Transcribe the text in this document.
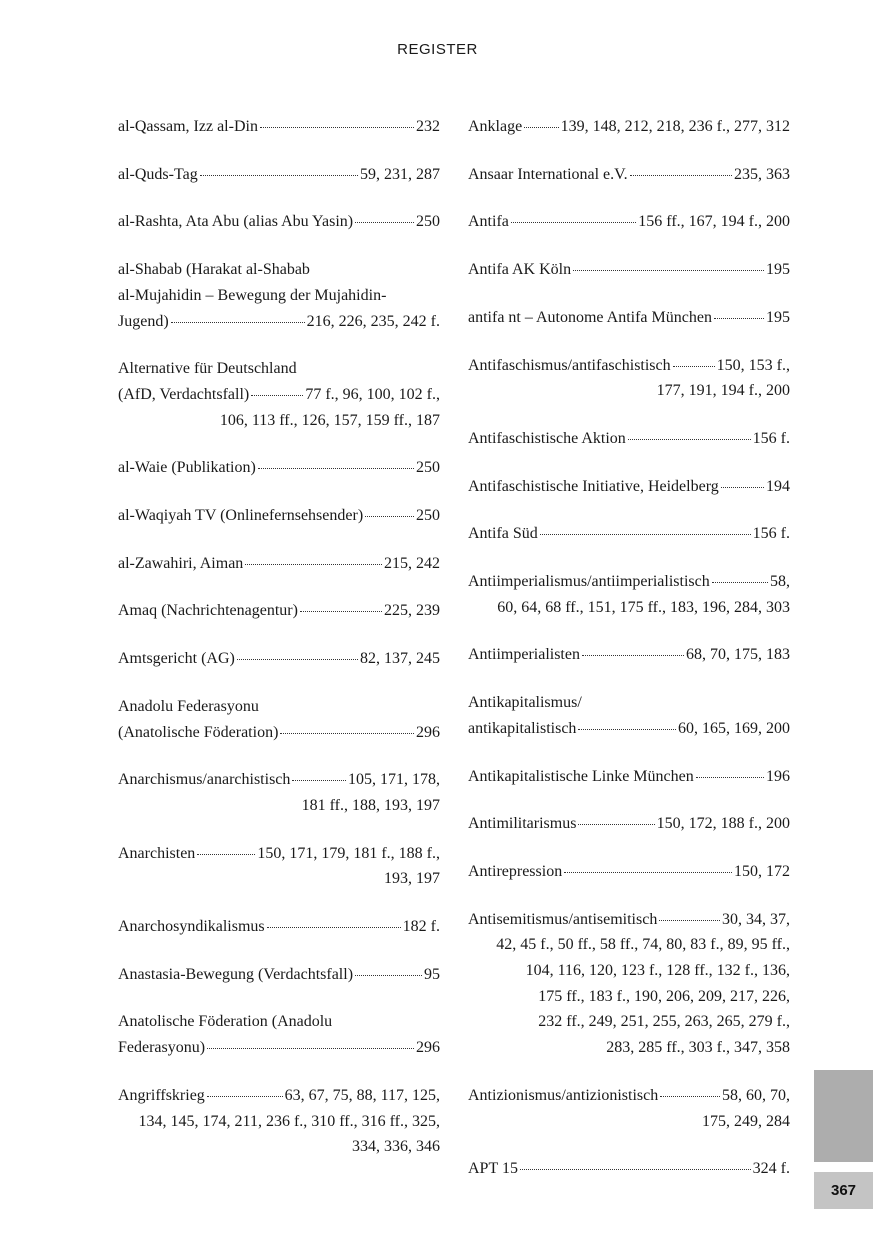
REGISTER
al-Qassam, Izz al-Din	232
al-Quds-Tag	59, 231, 287
al-Rashta, Ata Abu (alias Abu Yasin)	250
al-Shabab (Harakat al-Shabab
al-Mujahidin – Bewegung der Mujahidin-
Jugend)	216, 226, 235, 242 f.
Alternative für Deutschland
(AfD, Verdachtsfall)	77 f., 96, 100, 102 f.,
106, 113 ff., 126, 157, 159 ff., 187
al-Waie (Publikation)	250
al-Waqiyah TV (Onlinefernsehsender)	250
al-Zawahiri, Aiman	215, 242
Amaq (Nachrichtenagentur)	225, 239
Amtsgericht (AG)	82, 137, 245
Anadolu Federasyonu
(Anatolische Föderation)	296
Anarchismus/anarchistisch	105, 171, 178,
181 ff., 188, 193, 197
Anarchisten	150, 171, 179, 181 f., 188 f.,
193, 197
Anarchosyndikalismus	182 f.
Anastasia-Bewegung (Verdachtsfall)	95
Anatolische Föderation (Anadolu
Federasyonu)	296
Angriffskrieg	63, 67, 75, 88, 117, 125,
134, 145, 174, 211, 236 f., 310 ff., 316 ff., 325,
334, 336, 346
Anklage 139, 148, 212, 218, 236 f., 277, 312
Ansaar International e.V.	235, 363
Antifa	156 ff., 167, 194 f., 200
Antifa AK Köln	195
antifa nt – Autonome Antifa München	195
Antifaschismus/antifaschistisch	150, 153 f.,
177, 191, 194 f., 200
Antifaschistische Aktion	156 f.
Antifaschistische Initiative, Heidelberg	194
Antifa Süd	156 f.
Antiimperialismus/antiimperialistisch	58,
60, 64, 68 ff., 151, 175 ff., 183, 196, 284, 303
Antiimperialisten	68, 70, 175, 183
Antikapitalismus/
antikapitalistisch	60, 165, 169, 200
Antikapitalistische Linke München	196
Antimilitarismus	150, 172, 188 f., 200
Antirepression	150, 172
Antisemitismus/antisemitisch	30, 34, 37,
42, 45 f., 50 ff., 58 ff., 74, 80, 83 f., 89, 95 ff.,
104, 116, 120, 123 f., 128 ff., 132 f., 136,
175 ff., 183 f., 190, 206, 209, 217, 226,
232 ff., 249, 251, 255, 263, 265, 279 f.,
283, 285 ff., 303 f., 347, 358
Antizionismus/antizionistisch	58, 60, 70,
175, 249, 284
APT 15	324 f.
367
